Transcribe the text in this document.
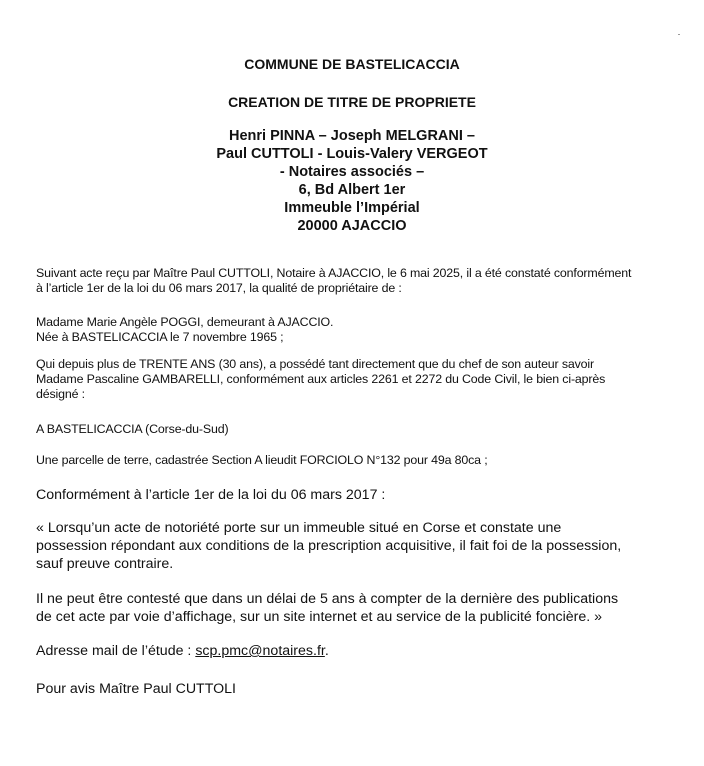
COMMUNE DE BASTELICACCIA
CREATION DE TITRE DE PROPRIETE
Henri PINNA – Joseph MELGRANI –
Paul CUTTOLI - Louis-Valery VERGEOT
- Notaires associés –
6, Bd Albert 1er
Immeuble l’Impérial
20000 AJACCIO
Suivant acte reçu par Maître Paul CUTTOLI, Notaire à AJACCIO, le 6 mai 2025, il a été constaté conformément
à l’article 1er de la loi du 06 mars 2017, la qualité de propriétaire de :
Madame Marie Angèle POGGI, demeurant à AJACCIO.
Née à BASTELICACCIA le 7 novembre 1965 ;
Qui depuis plus de TRENTE ANS (30 ans), a possédé tant directement que du chef de son auteur savoir
Madame Pascaline GAMBARELLI, conformément aux articles 2261 et 2272 du Code Civil, le bien ci-après
désigné :
A BASTELICACCIA (Corse-du-Sud)
Une parcelle de terre, cadastrée Section A lieudit FORCIOLO N°132 pour 49a 80ca ;
Conformément à l’article 1er de la loi du 06 mars 2017 :
« Lorsqu’un acte de notoriété porte sur un immeuble situé en Corse et constate une
possession répondant aux conditions de la prescription acquisitive, il fait foi de la possession,
sauf preuve contraire.
Il ne peut être contesté que dans un délai de 5 ans à compter de la dernière des publications
de cet acte par voie d’affichage, sur un site internet et au service de la publicité foncière. »
Adresse mail de l’étude : scp.pmc@notaires.fr.
Pour avis Maître Paul CUTTOLI
